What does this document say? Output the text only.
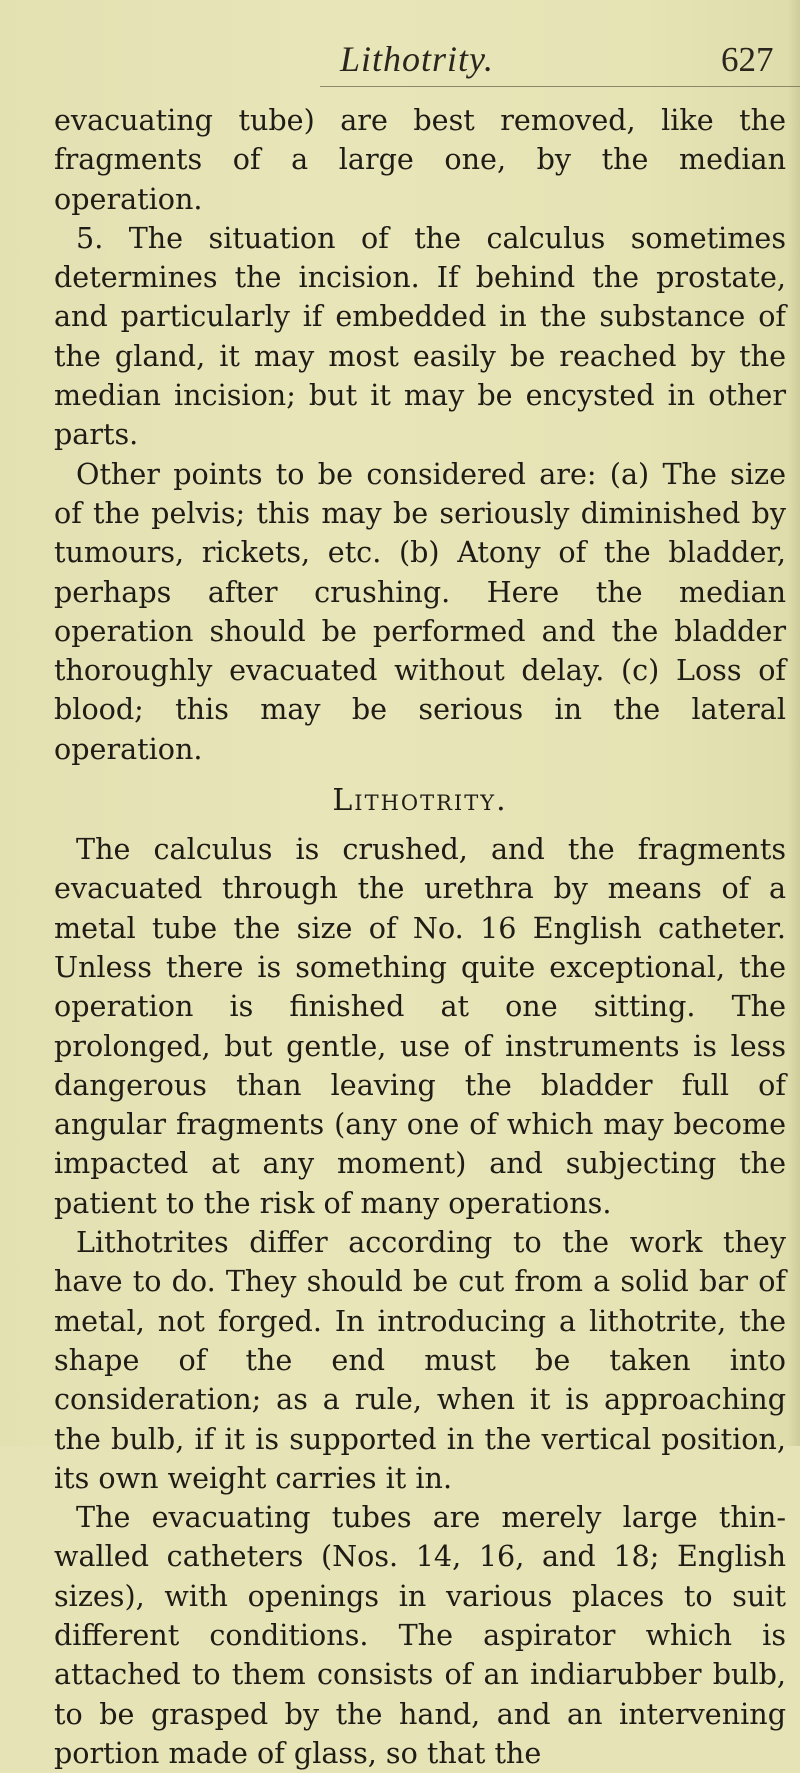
Lithotrity.	627

evacuating tube) are best removed, like the fragments of a large one, by the median operation.

5. The situation of the calculus sometimes determines the incision. If behind the prostate, and particularly if embedded in the substance of the gland, it may most easily be reached by the median incision; but it may be encysted in other parts.

Other points to be considered are: (a) The size of the pelvis; this may be seriously diminished by tumours, rickets, etc. (b) Atony of the bladder, perhaps after crushing. Here the median operation should be performed and the bladder thoroughly evacuated without delay. (c) Loss of blood; this may be serious in the lateral operation.

Lithotrity.

The calculus is crushed, and the fragments evacuated through the urethra by means of a metal tube the size of No. 16 English catheter. Unless there is something quite exceptional, the operation is finished at one sitting. The prolonged, but gentle, use of instruments is less dangerous than leaving the bladder full of angular fragments (any one of which may become impacted at any moment) and subjecting the patient to the risk of many operations.

Lithotrites differ according to the work they have to do. They should be cut from a solid bar of metal, not forged. In introducing a lithotrite, the shape of the end must be taken into consideration; as a rule, when it is approaching the bulb, if it is supported in the vertical position, its own weight carries it in.

The evacuating tubes are merely large thin-walled catheters (Nos. 14, 16, and 18; English sizes), with openings in various places to suit different conditions. The aspirator which is attached to them consists of an indiarubber bulb, to be grasped by the hand, and an intervening portion made of glass, so that the
